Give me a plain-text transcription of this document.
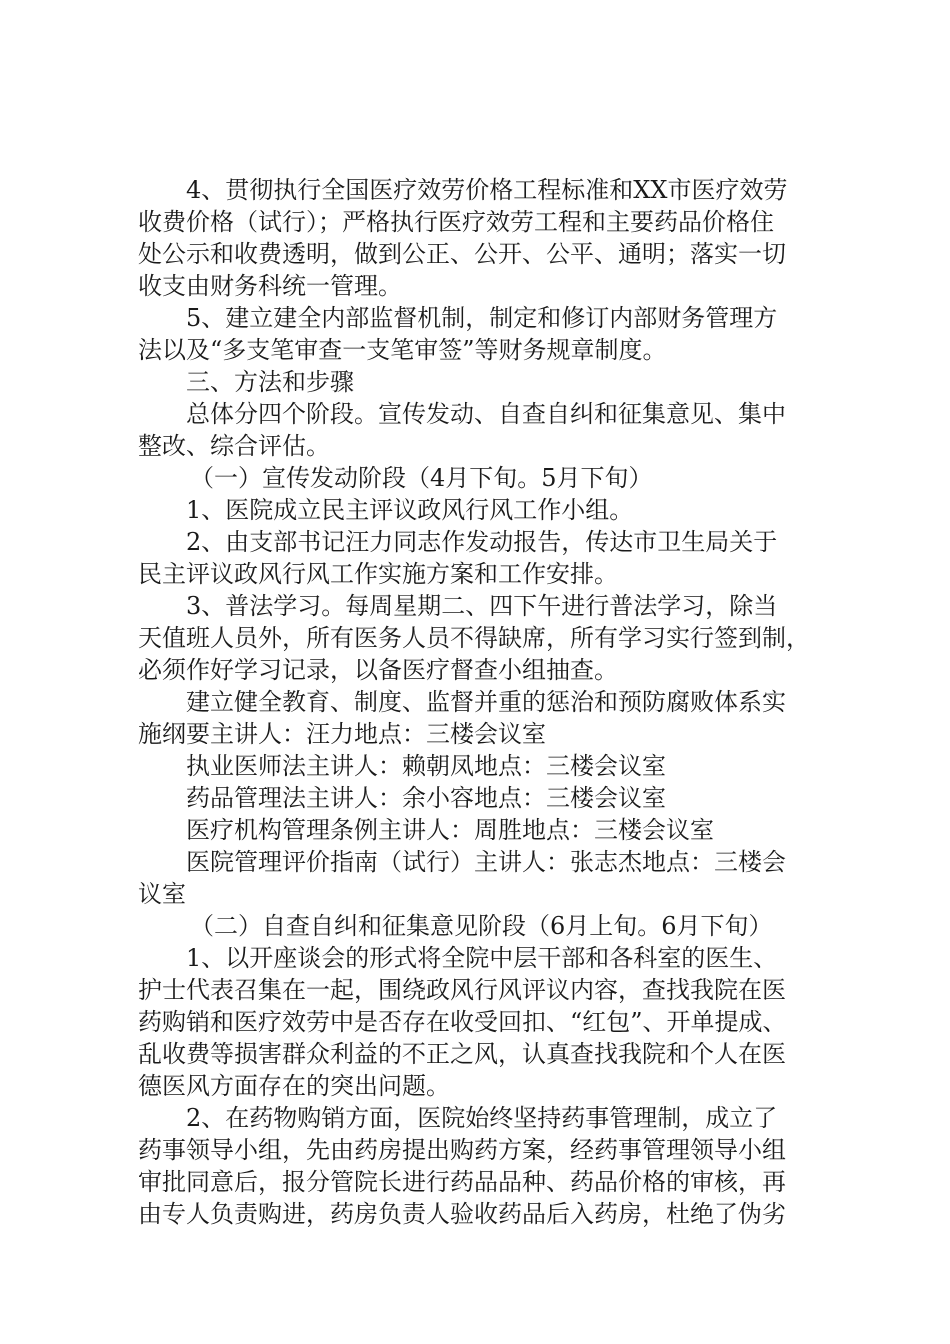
4、贯彻执行全国医疗效劳价格工程标准和XX市医疗效劳
收费价格（试行）；严格执行医疗效劳工程和主要药品价格住
处公示和收费透明，做到公正、公开、公平、通明；落实一切
收支由财务科统一管理。
5、建立建全内部监督机制，制定和修订内部财务管理方
法以及“多支笔审查一支笔审签”等财务规章制度。
三、方法和步骤
总体分四个阶段。宣传发动、自查自纠和征集意见、集中
整改、综合评估。
（一）宣传发动阶段（4月下旬。5月下旬）
1、医院成立民主评议政风行风工作小组。
2、由支部书记汪力同志作发动报告，传达市卫生局关于
民主评议政风行风工作实施方案和工作安排。
3、普法学习。每周星期二、四下午进行普法学习，除当
天值班人员外，所有医务人员不得缺席，所有学习实行签到制，
必须作好学习记录，以备医疗督查小组抽查。
建立健全教育、制度、监督并重的惩治和预防腐败体系实
施纲要主讲人：汪力地点：三楼会议室
执业医师法主讲人：赖朝凤地点：三楼会议室
药品管理法主讲人：余小容地点：三楼会议室
医疗机构管理条例主讲人：周胜地点：三楼会议室
医院管理评价指南（试行）主讲人：张志杰地点：三楼会
议室
（二）自查自纠和征集意见阶段（6月上旬。6月下旬）
1、以开座谈会的形式将全院中层干部和各科室的医生、
护士代表召集在一起，围绕政风行风评议内容，查找我院在医
药购销和医疗效劳中是否存在收受回扣、“红包”、开单提成、
乱收费等损害群众利益的不正之风，认真查找我院和个人在医
德医风方面存在的突出问题。
2、在药物购销方面，医院始终坚持药事管理制，成立了
药事领导小组，先由药房提出购药方案，经药事管理领导小组
审批同意后，报分管院长进行药品品种、药品价格的审核，再
由专人负责购进，药房负责人验收药品后入药房，杜绝了伪劣
